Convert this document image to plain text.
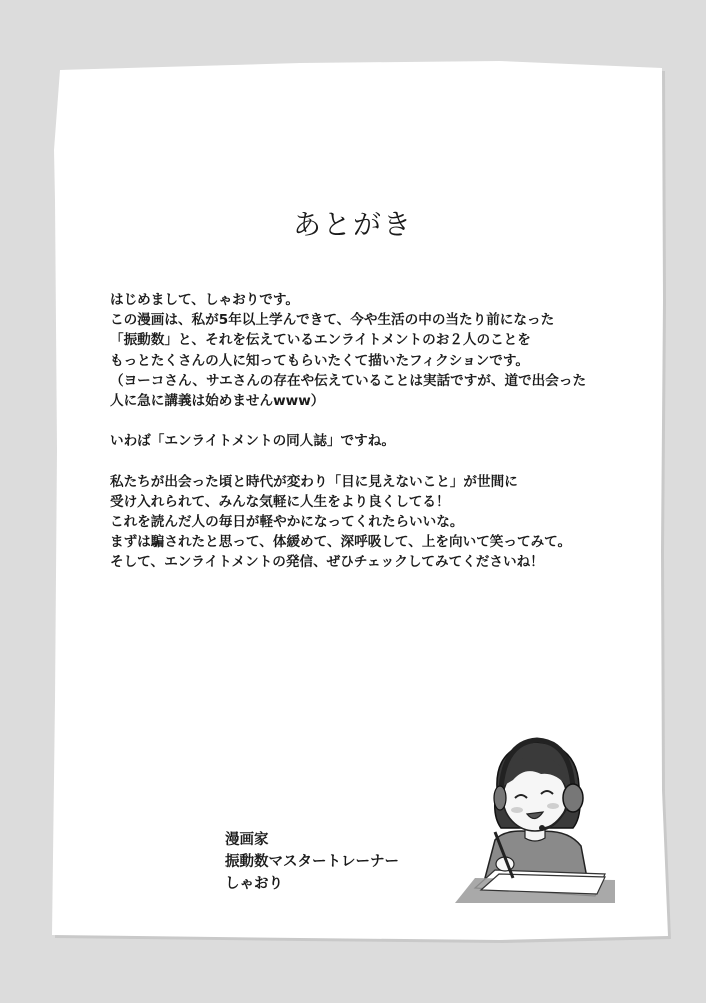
あとがき
はじめまして、しゃおりです。
この漫画は、私が5年以上学んできて、今や生活の中の当たり前になった
「振動数」と、それを伝えているエンライトメントのお２人のことを
もっとたくさんの人に知ってもらいたくて描いたフィクションです。
（ヨーコさん、サエさんの存在や伝えていることは実話ですが、道で出会った
人に急に講義は始めませんwww）
いわば「エンライトメントの同人誌」ですね。
私たちが出会った頃と時代が変わり「目に見えないこと」が世間に
受け入れられて、みんな気軽に人生をより良くしてる！
これを読んだ人の毎日が軽やかになってくれたらいいな。
まずは騙されたと思って、体緩めて、深呼吸して、上を向いて笑ってみて。
そして、エンライトメントの発信、ぜひチェックしてみてくださいね！
漫画家
振動数マスタートレーナー
しゃおり
